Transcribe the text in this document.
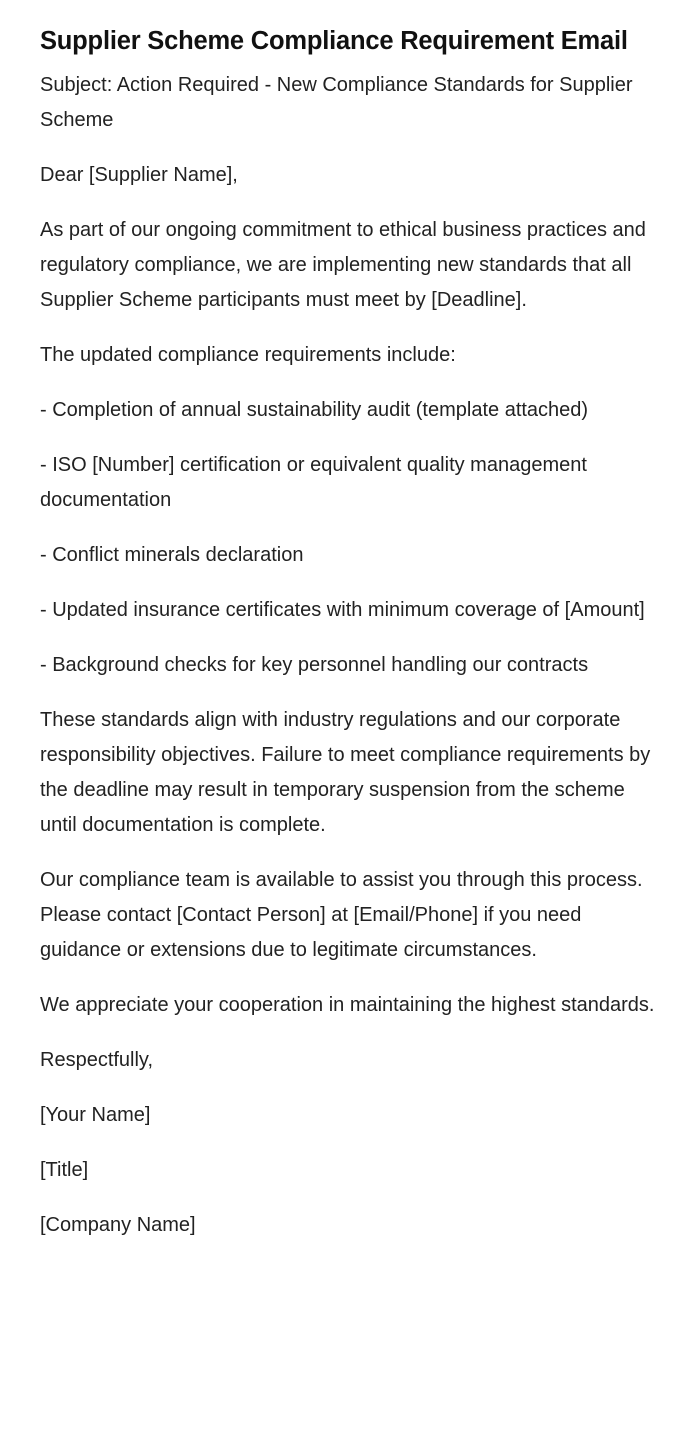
Supplier Scheme Compliance Requirement Email

Subject: Action Required - New Compliance Standards for Supplier Scheme

Dear [Supplier Name],

As part of our ongoing commitment to ethical business practices and regulatory compliance, we are implementing new standards that all Supplier Scheme participants must meet by [Deadline].

The updated compliance requirements include:

- Completion of annual sustainability audit (template attached)

- ISO [Number] certification or equivalent quality management documentation

- Conflict minerals declaration

- Updated insurance certificates with minimum coverage of [Amount]

- Background checks for key personnel handling our contracts

These standards align with industry regulations and our corporate responsibility objectives. Failure to meet compliance requirements by the deadline may result in temporary suspension from the scheme until documentation is complete.

Our compliance team is available to assist you through this process. Please contact [Contact Person] at [Email/Phone] if you need guidance or extensions due to legitimate circumstances.

We appreciate your cooperation in maintaining the highest standards.

Respectfully,

[Your Name]

[Title]

[Company Name]
